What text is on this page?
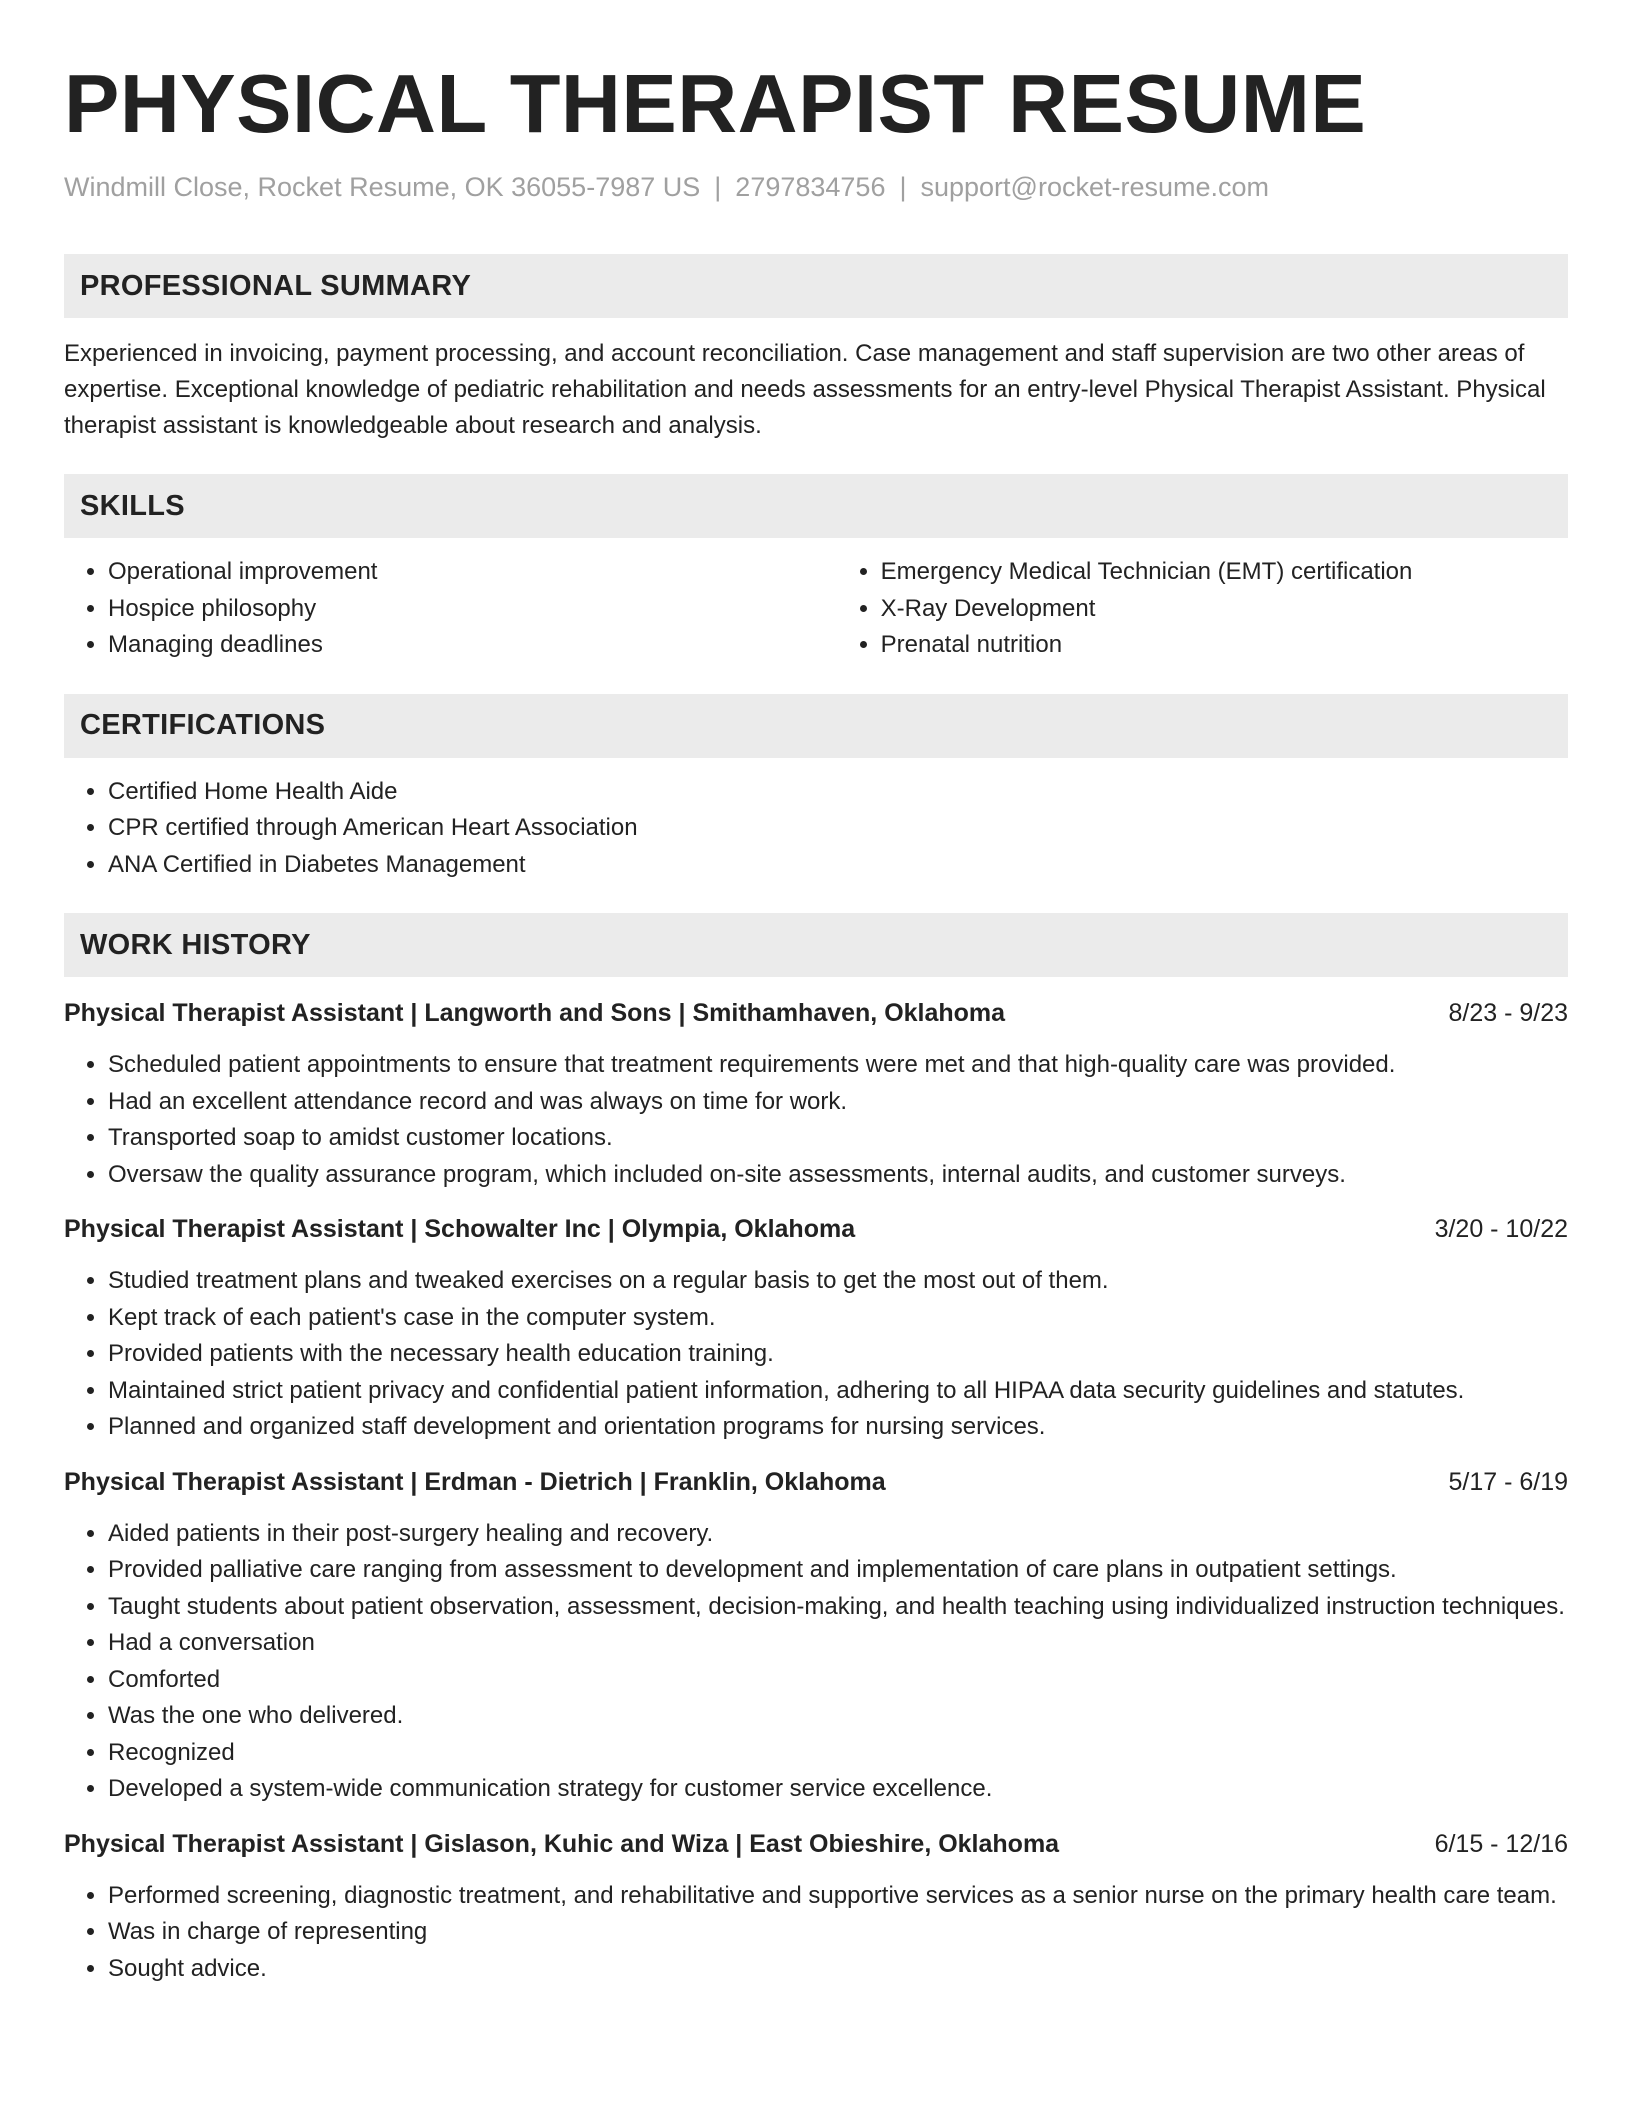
PHYSICAL THERAPIST RESUME
Windmill Close, Rocket Resume, OK 36055-7987 US | 2797834756 | support@rocket-resume.com
PROFESSIONAL SUMMARY
Experienced in invoicing, payment processing, and account reconciliation. Case management and staff supervision are two other areas of expertise. Exceptional knowledge of pediatric rehabilitation and needs assessments for an entry-level Physical Therapist Assistant. Physical therapist assistant is knowledgeable about research and analysis.
SKILLS
• Operational improvement
• Hospice philosophy
• Managing deadlines
• Emergency Medical Technician (EMT) certification
• X-Ray Development
• Prenatal nutrition
CERTIFICATIONS
• Certified Home Health Aide
• CPR certified through American Heart Association
• ANA Certified in Diabetes Management
WORK HISTORY
Physical Therapist Assistant | Langworth and Sons | Smithamhaven, Oklahoma	8/23 - 9/23
• Scheduled patient appointments to ensure that treatment requirements were met and that high-quality care was provided.
• Had an excellent attendance record and was always on time for work.
• Transported soap to amidst customer locations.
• Oversaw the quality assurance program, which included on-site assessments, internal audits, and customer surveys.
Physical Therapist Assistant | Schowalter Inc | Olympia, Oklahoma	3/20 - 10/22
• Studied treatment plans and tweaked exercises on a regular basis to get the most out of them.
• Kept track of each patient's case in the computer system.
• Provided patients with the necessary health education training.
• Maintained strict patient privacy and confidential patient information, adhering to all HIPAA data security guidelines and statutes.
• Planned and organized staff development and orientation programs for nursing services.
Physical Therapist Assistant | Erdman - Dietrich | Franklin, Oklahoma	5/17 - 6/19
• Aided patients in their post-surgery healing and recovery.
• Provided palliative care ranging from assessment to development and implementation of care plans in outpatient settings.
• Taught students about patient observation, assessment, decision-making, and health teaching using individualized instruction techniques.
• Had a conversation
• Comforted
• Was the one who delivered.
• Recognized
• Developed a system-wide communication strategy for customer service excellence.
Physical Therapist Assistant | Gislason, Kuhic and Wiza | East Obieshire, Oklahoma	6/15 - 12/16
• Performed screening, diagnostic treatment, and rehabilitative and supportive services as a senior nurse on the primary health care team.
• Was in charge of representing
• Sought advice.
